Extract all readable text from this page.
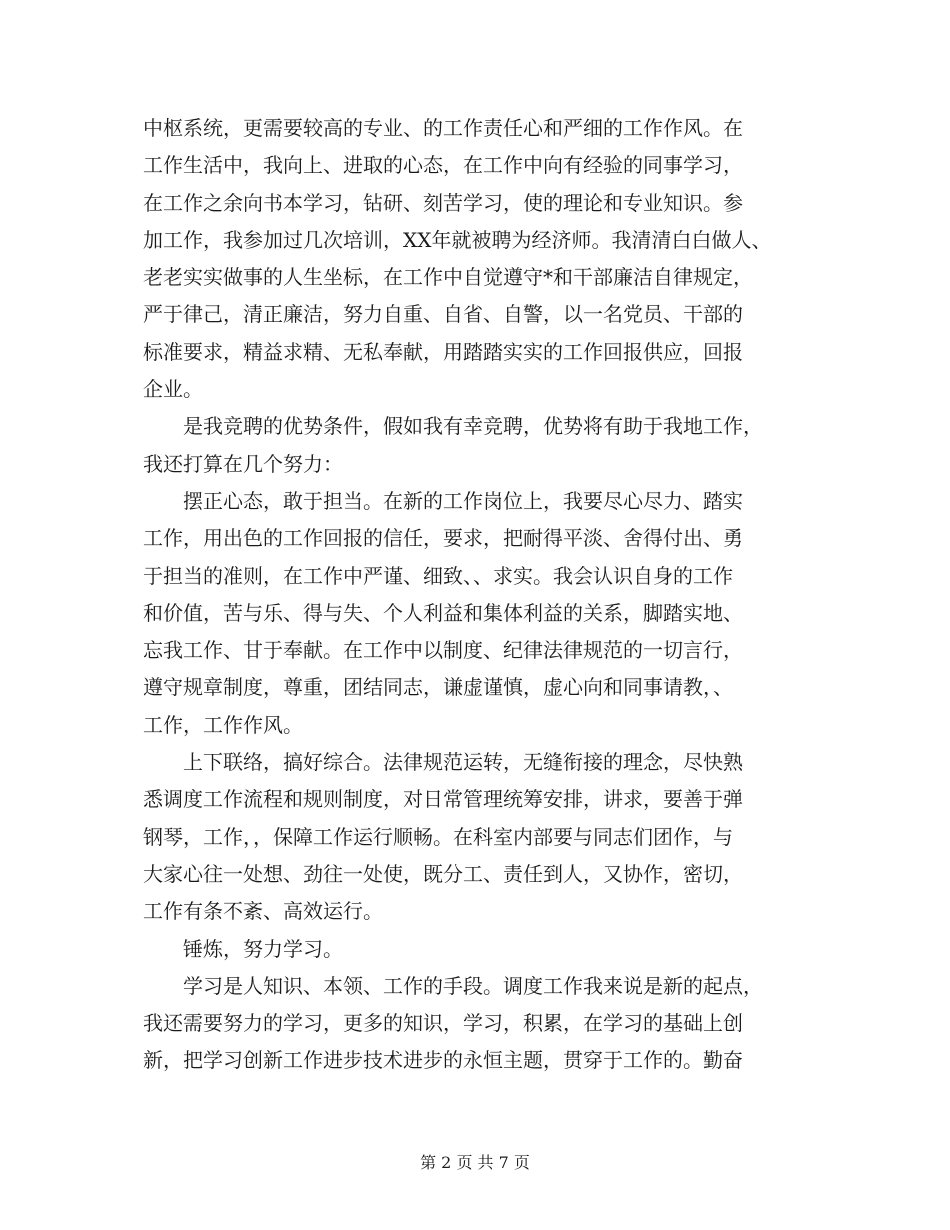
中枢系统，更需要较高的专业、的工作责任心和严细的工作作风。在
工作生活中，我向上、进取的心态，在工作中向有经验的同事学习，
在工作之余向书本学习，钻研、刻苦学习，使的理论和专业知识。参
加工作，我参加过几次培训，XX年就被聘为经济师。我清清白白做人、
老老实实做事的人生坐标，在工作中自觉遵守*和干部廉洁自律规定，
严于律己，清正廉洁，努力自重、自省、自警，以一名党员、干部的
标准要求，精益求精、无私奉献，用踏踏实实的工作回报供应，回报
企业。
是我竞聘的优势条件，假如我有幸竞聘，优势将有助于我地工作，
我还打算在几个努力：
摆正心态，敢于担当。在新的工作岗位上，我要尽心尽力、踏实
工作，用出色的工作回报的信任，要求，把耐得平淡、舍得付出、勇
于担当的准则，在工作中严谨、细致、、求实。我会认识自身的工作
和价值，苦与乐、得与失、个人利益和集体利益的关系，脚踏实地、
忘我工作、甘于奉献。在工作中以制度、纪律法律规范的一切言行，
遵守规章制度，尊重，团结同志，谦虚谨慎，虚心向和同事请教，、
工作，工作作风。
上下联络，搞好综合。法律规范运转，无缝衔接的理念，尽快熟
悉调度工作流程和规则制度，对日常管理统筹安排，讲求，要善于弹
钢琴，工作，，保障工作运行顺畅。在科室内部要与同志们团作，与
大家心往一处想、劲往一处使，既分工、责任到人，又协作，密切，
工作有条不紊、高效运行。
锤炼，努力学习。
学习是人知识、本领、工作的手段。调度工作我来说是新的起点，
我还需要努力的学习，更多的知识，学习，积累，在学习的基础上创
新，把学习创新工作进步技术进步的永恒主题，贯穿于工作的。勤奋
第 2 页 共 7 页
